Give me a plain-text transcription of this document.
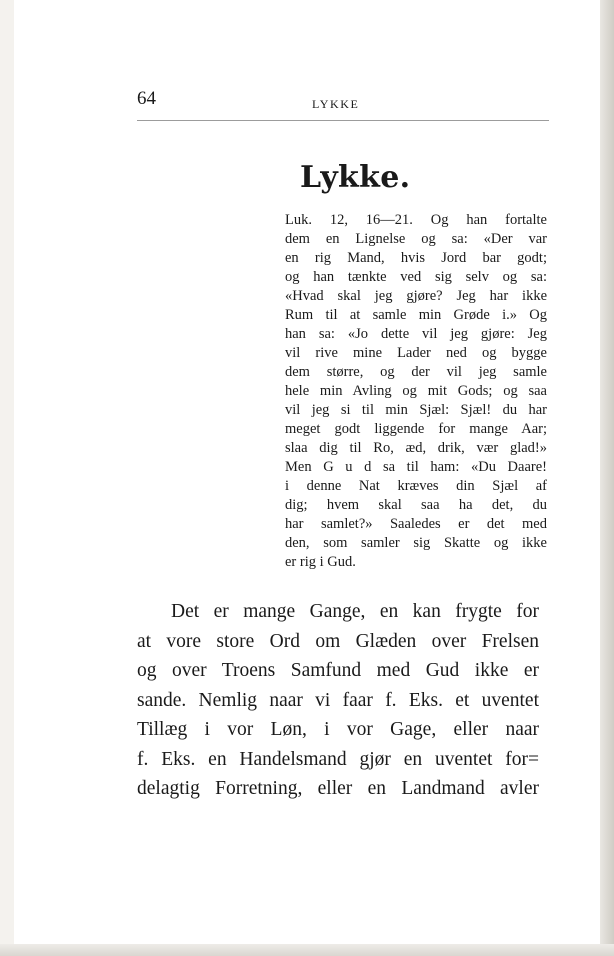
64	LYKKE
Lykke.
Luk. 12, 16—21. Og han fortalte
dem en Lignelse og sa: «Der var
en rig Mand, hvis Jord bar godt;
og han tænkte ved sig selv og sa:
«Hvad skal jeg gjøre? Jeg har ikke
Rum til at samle min Grøde i.» Og
han sa: «Jo dette vil jeg gjøre: Jeg
vil rive mine Lader ned og bygge
dem større, og der vil jeg samle
hele min Avling og mit Gods; og saa
vil jeg si til min Sjæl: Sjæl! du har
meget godt liggende for mange Aar;
slaa dig til Ro, æd, drik, vær glad!»
Men G u d sa til ham: «Du Daare!
i denne Nat kræves din Sjæl af
dig; hvem skal saa ha det, du
har samlet?» Saaledes er det med
den, som samler sig Skatte og ikke
er rig i Gud.
Det er mange Gange, en kan frygte for
at vore store Ord om Glæden over Frelsen
og over Troens Samfund med Gud ikke er
sande. Nemlig naar vi faar f. Eks. et uventet
Tillæg i vor Løn, i vor Gage, eller naar
f. Eks. en Handelsmand gjør en uventet for=
delagtig Forretning, eller en Landmand avler
